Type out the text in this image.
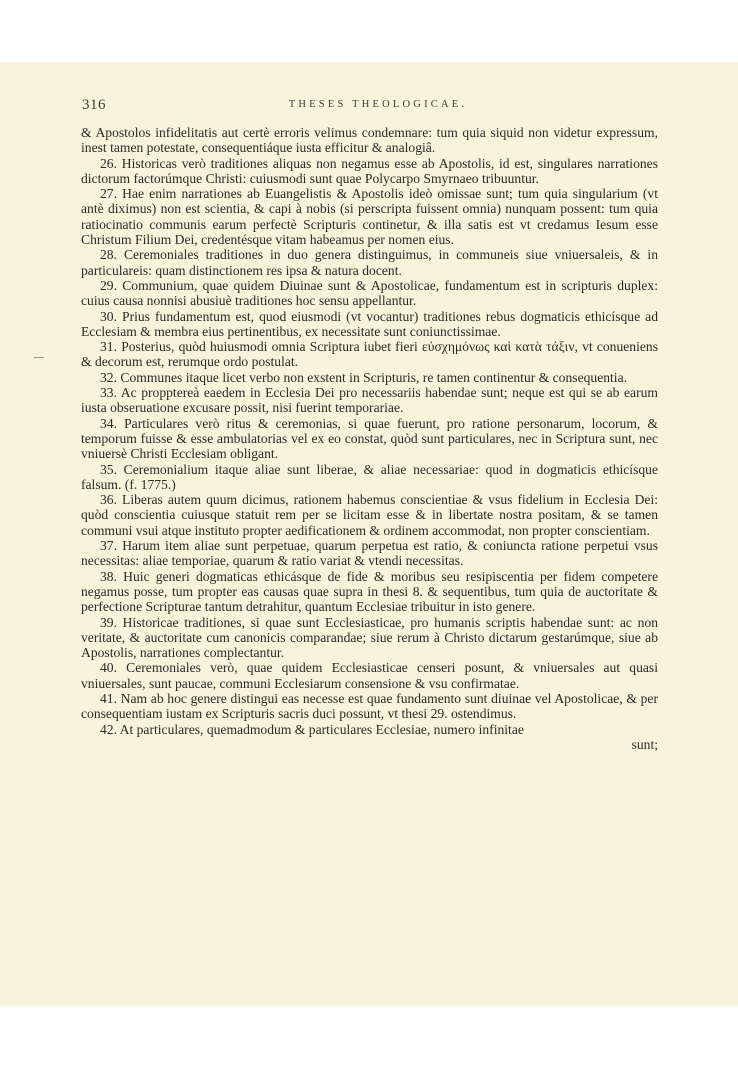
316	THESES THEOLOGICAE.

& Apostolos infidelitatis aut certè erroris velimus condemnare: tum quia siquid non videtur expressum, inest tamen potestate, consequentiáque iusta efficitur & analogiâ.

26. Historicas verò traditiones aliquas non negamus esse ab Apostolis, id est, singulares narrationes dictorum factorúmque Christi: cuiusmodi sunt quae Polycarpo Smyrnaeo tribuuntur.

27. Hae enim narrationes ab Euangelistis & Apostolis ideò omissae sunt; tum quia singularium (vt antè diximus) non est scientia, & capi à nobis (si perscripta fuissent omnia) nunquam possent: tum quia ratiocinatio communis earum perfectè Scripturis continetur, & illa satis est vt credamus Iesum esse Christum Filium Dei, credentésque vitam habeamus per nomen eius.

28. Ceremoniales traditiones in duo genera distinguimus, in communeis siue vniuersaleis, & in particulareis: quam distinctionem res ipsa & natura docent.

29. Communium, quae quidem Diuinae sunt & Apostolicae, fundamentum est in scripturis duplex: cuius causa nonnisi abusiuè traditiones hoc sensu appellantur.

30. Prius fundamentum est, quod eiusmodi (vt vocantur) traditiones rebus dogmaticis ethicísque ad Ecclesiam & membra eius pertinentibus, ex necessitate sunt coniunctissimae.

31. Posterius, quòd huiusmodi omnia Scriptura iubet fieri εὐσχημόνως καὶ κατὰ τάξιν, vt conueniens & decorum est, rerumque ordo postulat.

32. Communes itaque licet verbo non exstent in Scripturis, re tamen continentur & consequentia.

33. Ac propptereà eaedem in Ecclesia Dei pro necessariis habendae sunt; neque est qui se ab earum iusta obseruatione excusare possit, nisi fuerint temporariae.

34. Particulares verò ritus & ceremonias, si quae fuerunt, pro ratione personarum, locorum, & temporum fuisse & esse ambulatorias vel ex eo constat, quòd sunt particulares, nec in Scriptura sunt, nec vniuersè Christi Ecclesiam obligant.

35. Ceremonialium itaque aliae sunt liberae, & aliae necessariae: quod in dogmaticis ethicísque falsum. (f. 1775.)

36. Liberas autem quum dicimus, rationem habemus conscientiae & vsus fidelium in Ecclesia Dei: quòd conscientia cuiusque statuit rem per se licitam esse & in libertate nostra positam, & se tamen communi vsui atque instituto propter aedificationem & ordinem accommodat, non propter conscientiam.

37. Harum item aliae sunt perpetuae, quarum perpetua est ratio, & coniuncta ratione perpetui vsus necessitas: aliae temporiae, quarum & ratio variat & vtendi necessitas.

38. Huic generi dogmaticas ethicásque de fide & moribus seu resipiscentia per fidem competere negamus posse, tum propter eas causas quae supra in thesi 8. & sequentibus, tum quia de auctoritate & perfectione Scripturae tantum detrahitur, quantum Ecclesiae tribuitur in isto genere.

39. Historicae traditiones, si quae sunt Ecclesiasticae, pro humanis scriptis habendae sunt: ac non veritate, & auctoritate cum canonicis comparandae; siue rerum à Christo dictarum gestarúmque, siue ab Apostolis, narrationes complectantur.

40. Ceremoniales verò, quae quidem Ecclesiasticae censeri posunt, & vniuersales aut quasi vniuersales, sunt paucae, communi Ecclesiarum consensione & vsu confirmatae.

41. Nam ab hoc genere distingui eas necesse est quae fundamento sunt diuinae vel Apostolicae, & per consequentiam iustam ex Scripturis sacris duci possunt, vt thesi 29. ostendimus.

42. At particulares, quemadmodum & particulares Ecclesiae, numero infinitae

sunt;
